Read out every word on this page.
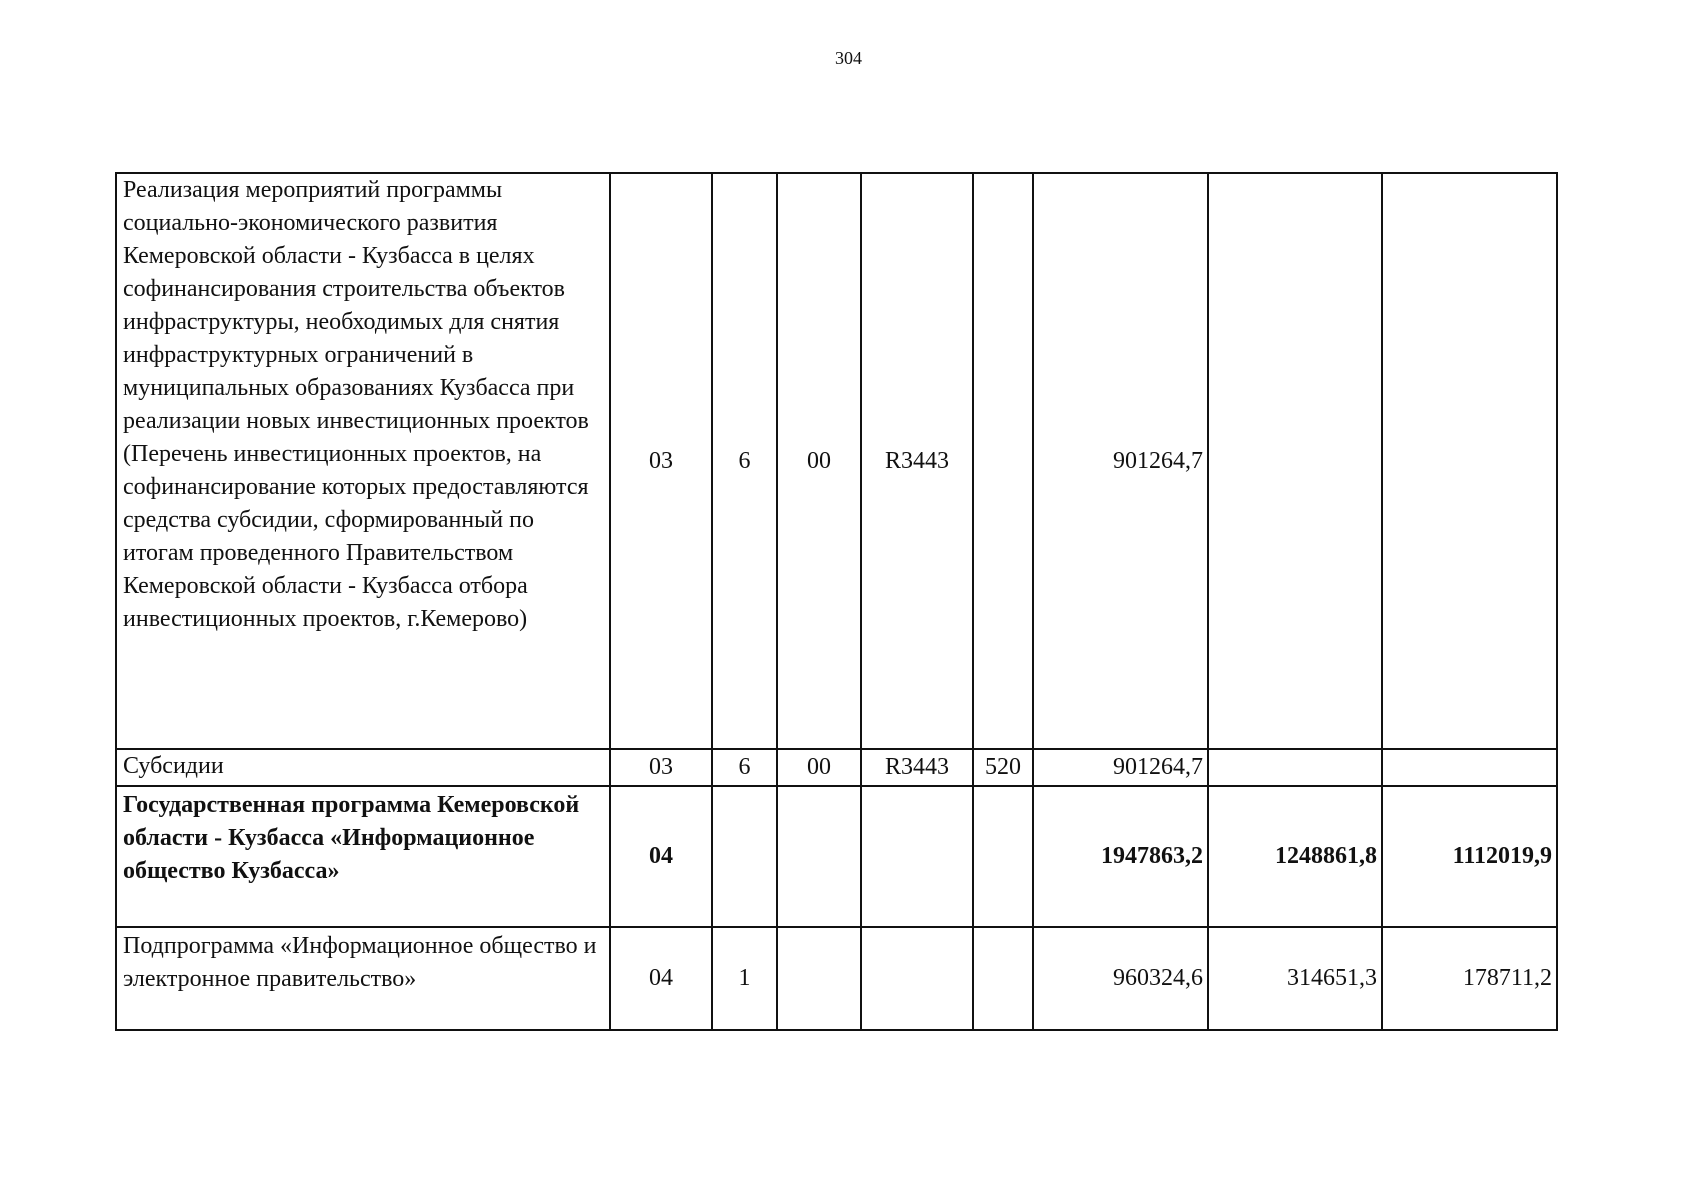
304
Реализация мероприятий программы социально-экономического развития Кемеровской области - Кузбасса в целях софинансирования строительства объектов инфраструктуры, необходимых для снятия инфраструктурных ограничений в муниципальных образованиях Кузбасса при реализации новых инвестиционных проектов (Перечень инвестиционных проектов, на софинансирование которых предоставляются средства субсидии, сформированный по итогам проведенного Правительством Кемеровской области - Кузбасса отбора инвестиционных проектов, г.Кемерово)	03	6	00	R3443		901264,7		
Субсидии	03	6	00	R3443	520	901264,7		
Государственная программа Кемеровской области - Кузбасса «Информационное общество Кузбасса»	04					1947863,2	1248861,8	1112019,9
Подпрограмма «Информационное общество и электронное правительство»	04	1				960324,6	314651,3	178711,2
